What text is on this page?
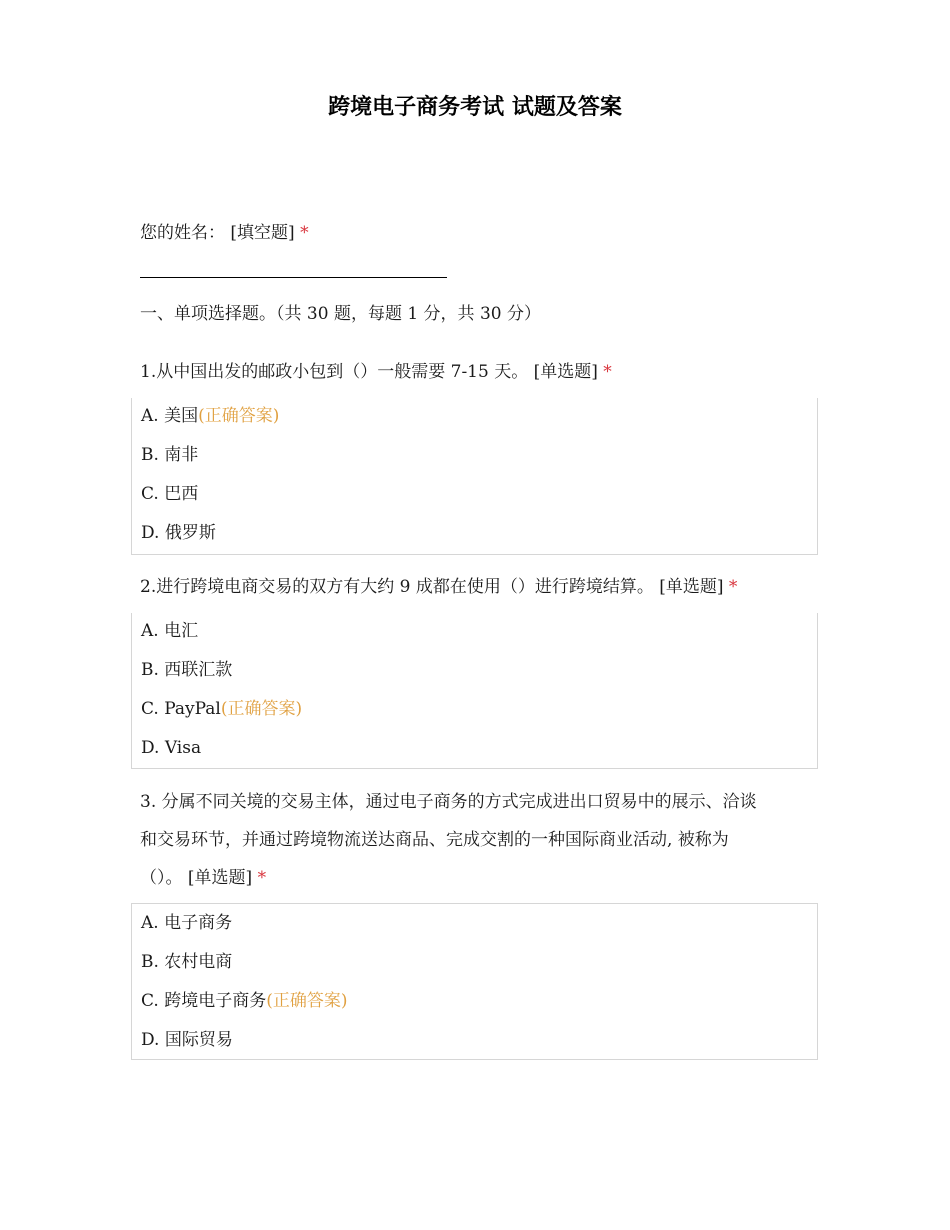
跨境电子商务考试 试题及答案
您的姓名： [填空题] *
一、单项选择题。（共 30 题，每题 1 分，共 30 分）
1.从中国出发的邮政小包到（）一般需要 7-15 天。 [单选题] *
A. 美国(正确答案)
B. 南非
C. 巴西
D. 俄罗斯
2.进行跨境电商交易的双方有大约 9 成都在使用（）进行跨境结算。 [单选题] *
A. 电汇
B. 西联汇款
C. PayPal(正确答案)
D. Visa
3. 分属不同关境的交易主体，通过电子商务的方式完成进出口贸易中的展示、洽谈
和交易环节，并通过跨境物流送达商品、完成交割的一种国际商业活动, 被称为
（）。 [单选题] *
A. 电子商务
B. 农村电商
C. 跨境电子商务(正确答案)
D. 国际贸易
